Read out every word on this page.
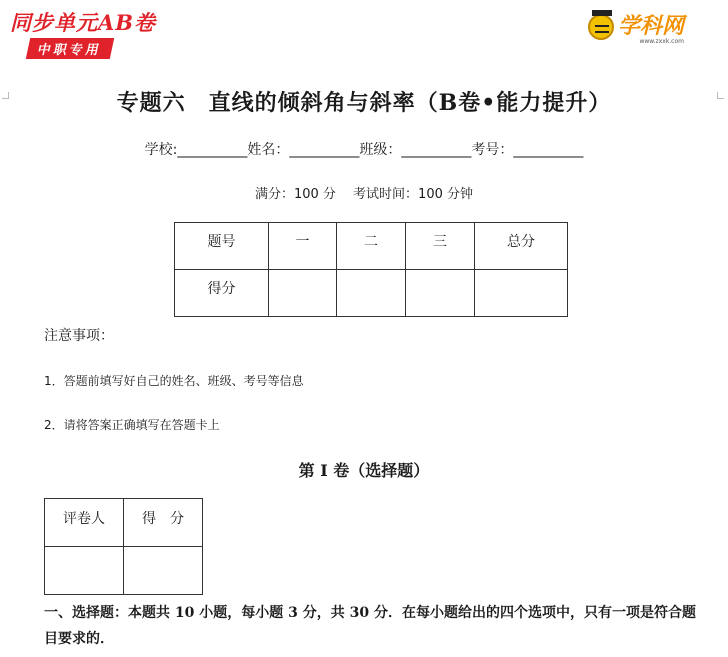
同步单元AB卷
中职专用
学科网
www.zxxk.com
专题六　直线的倾斜角与斜率（B卷•能力提升）
学校:__________姓名：__________班级：__________考号：__________
满分：100 分　 考试时间：100 分钟
题号	一	二	三	总分
得分				
注意事项：
1．答题前填写好自己的姓名、班级、考号等信息
2．请将答案正确填写在答题卡上
第 I 卷（选择题）
评卷人	得　分

一、选择题：本题共 10 小题，每小题 3 分，共 30 分．在每小题给出的四个选项中，只有一项是符合题目要求的．
